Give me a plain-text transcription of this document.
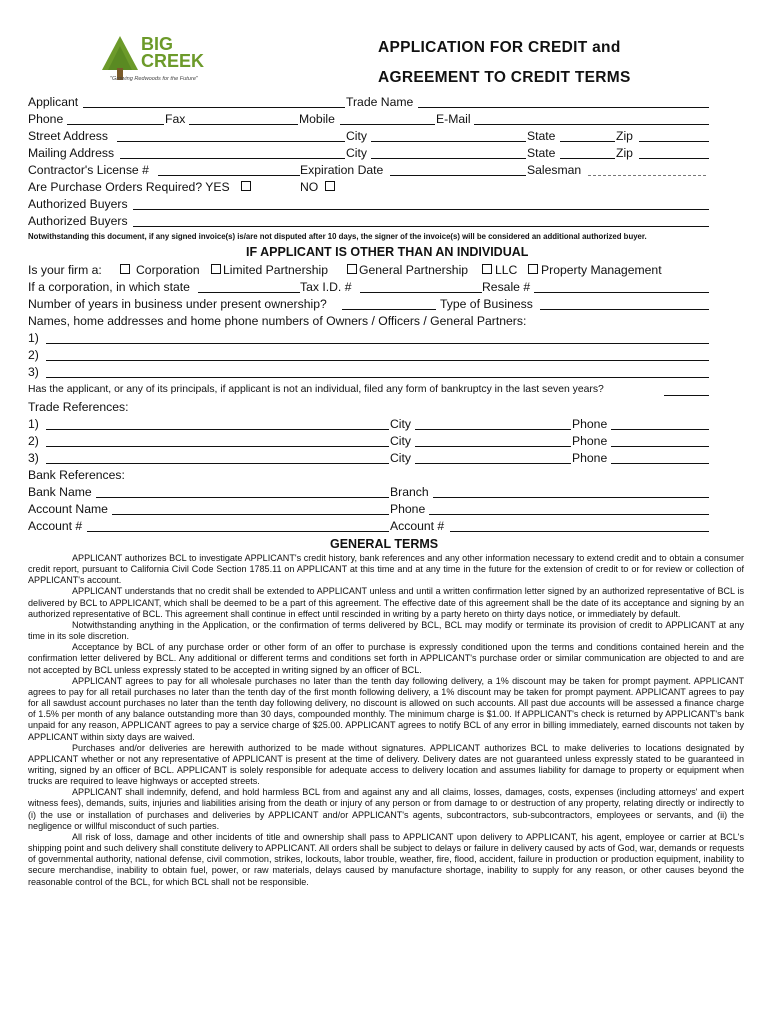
BIG
CREEK
"Growing Redwoods for the Future"
APPLICATION FOR CREDIT and
AGREEMENT TO CREDIT TERMS
Applicant	Trade Name
Phone	Fax	Mobile	E-Mail
Street Address	City	State	Zip
Mailing Address	City	State	Zip
Contractor's License #	Expiration Date	Salesman
Are Purchase Orders Required? YES	NO
Authorized Buyers
Authorized Buyers
Notwithstanding this document, if any signed invoice(s) is/are not disputed after 10 days, the signer of the invoice(s) will be considered an additional authorized buyer.
IF APPLICANT IS OTHER THAN AN INDIVIDUAL
Is your firm a:	Corporation Limited Partnership	General Partnership LLC Property Management
If a corporation, in which state	Tax I.D. #	Resale #
Number of years in business under present ownership?	Type of Business
Names, home addresses and home phone numbers of Owners / Officers / General Partners:
1)
2)
3)
Has the applicant, or any of its principals, if applicant is not an individual, filed any form of bankruptcy in the last seven years?
Trade References:
1)	City	Phone
2)	City	Phone
3)	City	Phone
Bank References:
Bank Name	Branch
Account Name	Phone
Account #	Account #
GENERAL TERMS

APPLICANT authorizes BCL to investigate APPLICANT's credit history, bank references and any other information necessary to extend credit and to obtain a consumer credit report, pursuant to California Civil Code Section 1785.11 on APPLICANT at this time and at any time in the future for the extension of credit to or for review or collection of APPLICANT's account.

APPLICANT understands that no credit shall be extended to APPLICANT unless and until a written confirmation letter signed by an authorized representative of BCL is delivered by BCL to APPLICANT, which shall be deemed to be a part of this agreement. The effective date of this agreement shall be the date of its acceptance and signing by an authorized representative of BCL. This agreement shall continue in effect until rescinded in writing by a party hereto on thirty days notice, or immediately by default.

Notwithstanding anything in the Application, or the confirmation of terms delivered by BCL, BCL may modify or terminate its provision of credit to APPLICANT at any time in its sole discretion.

Acceptance by BCL of any purchase order or other form of an offer to purchase is expressly conditioned upon the terms and conditions contained herein and the confirmation letter delivered by BCL. Any additional or different terms and conditions set forth in APPLICANT's purchase order or similar communication are objected to and are not accepted by BCL unless expressly stated to be accepted in writing signed by an officer of BCL.

APPLICANT agrees to pay for all wholesale purchases no later than the tenth day following delivery, a 1% discount may be taken for prompt payment. APPLICANT agrees to pay for all retail purchases no later than the tenth day of the first month following delivery, a 1% discount may be taken for prompt payment. APPLICANT agrees to pay for all sawdust account purchases no later than the tenth day following delivery, no discount is allowed on such accounts. All past due accounts will be assessed a finance charge of 1.5% per month of any balance outstanding more than 30 days, compounded monthly. The minimum charge is $1.00. If APPLICANT's check is returned by APPLICANT's bank unpaid for any reason, APPLICANT agrees to pay a service charge of $25.00. APPLICANT agrees to notify BCL of any error in billing immediately, earned discounts not taken by APPLICANT within sixty days are waived.

Purchases and/or deliveries are herewith authorized to be made without signatures. APPLICANT authorizes BCL to make deliveries to locations designated by APPLICANT whether or not any representative of APPLICANT is present at the time of delivery. Delivery dates are not guaranteed unless expressly stated to be guaranteed in writing, signed by an officer of BCL. APPLICANT is solely responsible for adequate access to delivery location and assumes liability for damage to property or equipment when trucks are required to leave highways or accepted streets.

APPLICANT shall indemnify, defend, and hold harmless BCL from and against any and all claims, losses, damages, costs, expenses (including attorneys' and expert witness fees), demands, suits, injuries and liabilities arising from the death or injury of any person or from damage to or destruction of any property, relating directly or indirectly to (i) the use or installation of purchases and deliveries by APPLICANT and/or APPLICANT's agents, subcontractors, sub-subcontractors, employees or servants, and (ii) the negligence or willful misconduct of such parties.

All risk of loss, damage and other incidents of title and ownership shall pass to APPLICANT upon delivery to APPLICANT, his agent, employee or carrier at BCL's shipping point and such delivery shall constitute delivery to APPLICANT. All orders shall be subject to delays or failure in delivery caused by acts of God, war, demands or requests of governmental authority, national defense, civil commotion, strikes, lockouts, labor trouble, weather, fire, flood, accident, failure in production or production equipment, inability to secure merchandise, inability to obtain fuel, power, or raw materials, delays caused by manufacture shortage, inability to supply for any reason, or other causes beyond the reasonable control of the BCL, for which BCL shall not be responsible.
